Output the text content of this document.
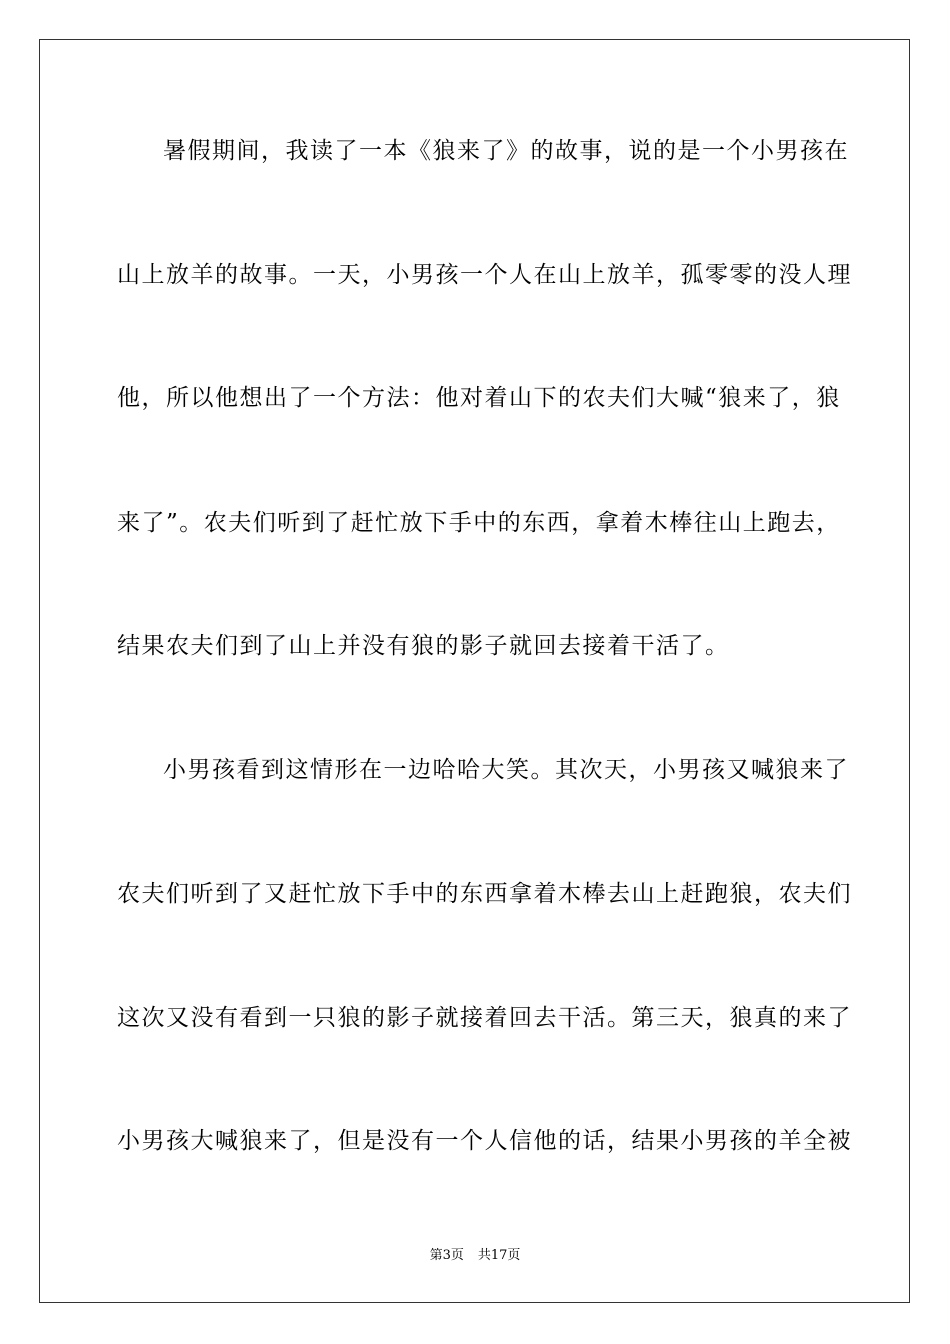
暑假期间，我读了一本《狼来了》的故事，说的是一个小男孩在
山上放羊的故事。一天，小男孩一个人在山上放羊，孤零零的没人理
他，所以他想出了一个方法：他对着山下的农夫们大喊“狼来了，狼
来了”。农夫们听到了赶忙放下手中的东西，拿着木棒往山上跑去，
结果农夫们到了山上并没有狼的影子就回去接着干活了。
小男孩看到这情形在一边哈哈大笑。其次天，小男孩又喊狼来了
农夫们听到了又赶忙放下手中的东西拿着木棒去山上赶跑狼，农夫们
这次又没有看到一只狼的影子就接着回去干活。第三天，狼真的来了
小男孩大喊狼来了，但是没有一个人信他的话，结果小男孩的羊全被
第3页 共17页
